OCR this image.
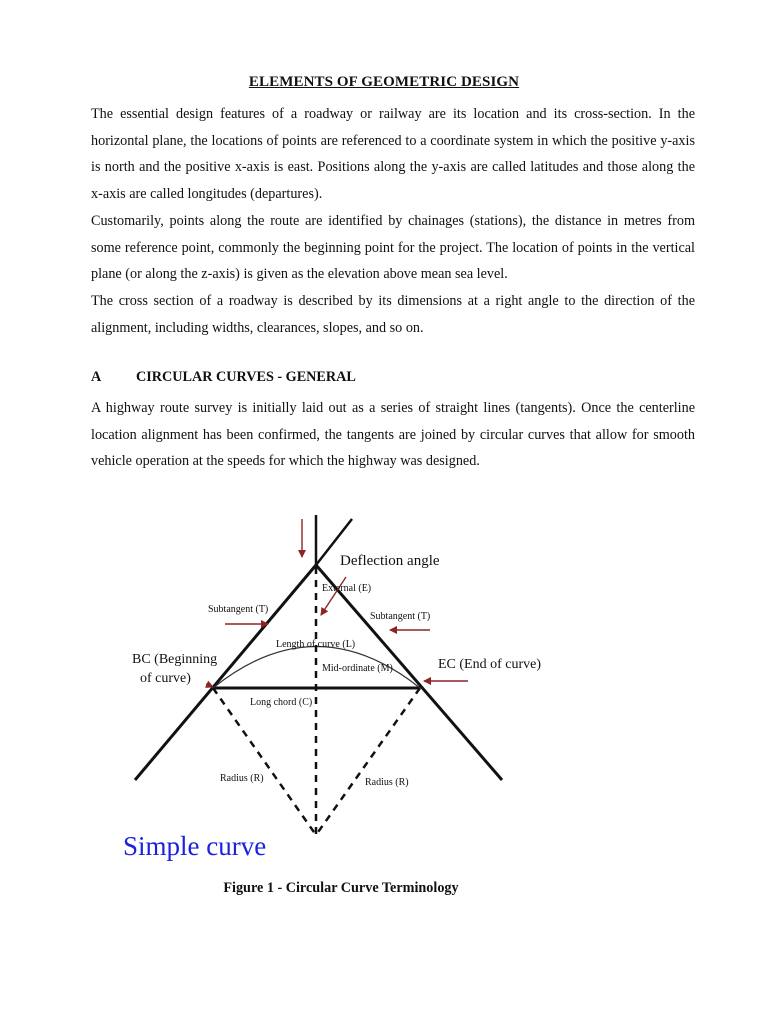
ELEMENTS OF GEOMETRIC DESIGN

The essential design features of a roadway or railway are its location and its cross-section. In the horizontal plane, the locations of points are referenced to a coordinate system in which the positive y-axis is north and the positive x-axis is east. Positions along the y-axis are called latitudes and those along the x-axis are called longitudes (departures).

Customarily, points along the route are identified by chainages (stations), the distance in metres from some reference point, commonly the beginning point for the project. The location of points in the vertical plane (or along the z-axis) is given as the elevation above mean sea level.

The cross section of a roadway is described by its dimensions at a right angle to the direction of the alignment, including widths, clearances, slopes, and so on.

A CIRCULAR CURVES - GENERAL

A highway route survey is initially laid out as a series of straight lines (tangents). Once the centerline location alignment has been confirmed, the tangents are joined by circular curves that allow for smooth vehicle operation at the speeds for which the highway was designed.

Deflection angle
External (E)
Subtangent (T)
Subtangent (T)
Length of curve (L)
Mid-ordinate (M)
BC (Beginning
of curve)
EC (End of curve)
Long chord (C)
Radius (R)	Radius (R)
Simple curve
Figure 1 - Circular Curve Terminology
